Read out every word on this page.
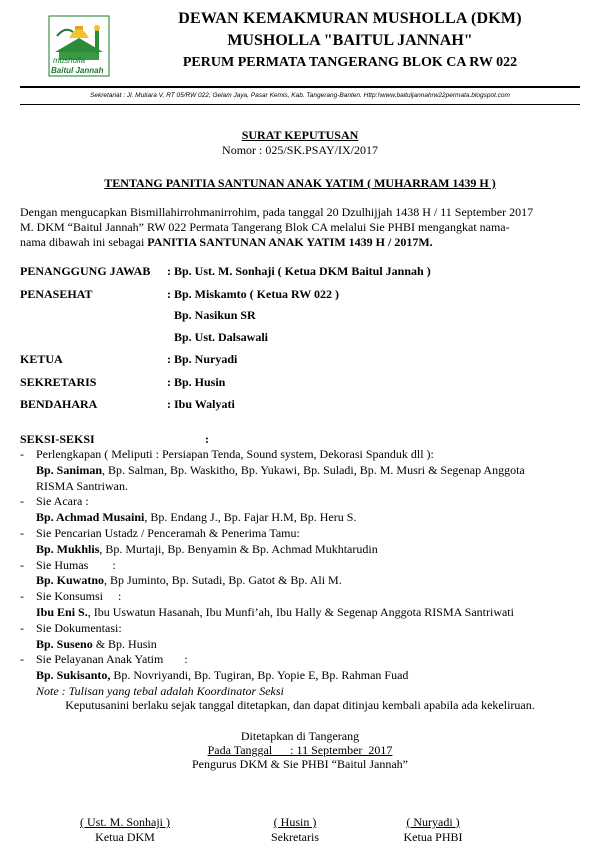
musholla
Baitul Jannah
DEWAN KEMAKMURAN MUSHOLLA (DKM)
MUSHOLLA "BAITUL JANNAH"
PERUM PERMATA TANGERANG BLOK CA RW 022
Sekretariat : Jl. Mutiara V, RT 05/RW 022, Gelam Jaya, Pasar Kemis, Kab. Tangerang-Banten. Http:\\www.baituljannahrw22permata.blogspot.com
SURAT KEPUTUSAN
Nomor : 025/SK.PSAY/IX/2017
TENTANG PANITIA SANTUNAN ANAK YATIM ( MUHARRAM 1439 H )
Dengan mengucapkan Bismillahirrohmanirrohim, pada tanggal 20 Dzulhijjah 1438 H / 11 September 2017
M. DKM “Baitul Jannah” RW 022 Permata Tangerang Blok CA melalui Sie PHBI mengangkat nama-
nama dibawah ini sebagai PANITIA SANTUNAN ANAK YATIM 1439 H / 2017M.
PENANGGUNG JAWAB	: Bp. Ust. M. Sonhaji ( Ketua DKM Baitul Jannah )
PENASEHAT	: Bp. Miskamto ( Ketua RW 022 )
Bp. Nasikun SR
Bp. Ust. Dalsawali
KETUA	: Bp. Nuryadi
SEKRETARIS	: Bp. Husin
BENDAHARA	: Ibu Walyati
SEKSI-SEKSI	:
- Perlengkapan ( Meliputi : Persiapan Tenda, Sound system, Dekorasi Spanduk dll ):
Bp. Saniman, Bp. Salman, Bp. Waskitho, Bp. Yukawi, Bp. Suladi, Bp. M. Musri & Segenap Anggota
RISMA Santriwan.
- Sie Acara :
Bp. Achmad Musaini, Bp. Endang J., Bp. Fajar H.M, Bp. Heru S.
- Sie Pencarian Ustadz / Penceramah & Penerima Tamu:
Bp. Mukhlis, Bp. Murtaji, Bp. Benyamin & Bp. Achmad Mukhtarudin
- Sie Humas        :
Bp. Kuwatno, Bp Juminto, Bp. Sutadi, Bp. Gatot & Bp. Ali M.
- Sie Konsumsi     :
Ibu Eni S., Ibu Uswatun Hasanah, Ibu Munfi’ah, Ibu Hally & Segenap Anggota RISMA Santriwati
- Sie Dokumentasi:
Bp. Suseno & Bp. Husin
- Sie Pelayanan Anak Yatim       :
Bp. Sukisanto, Bp. Novriyandi, Bp. Tugiran, Bp. Yopie E, Bp. Rahman Fuad
Note : Tulisan yang tebal adalah Koordinator Seksi
Keputusanini berlaku sejak tanggal ditetapkan, dan dapat ditinjau kembali apabila ada kekeliruan.
Ditetapkan di Tangerang
Pada Tanggal      : 11 September  2017
Pengurus DKM & Sie PHBI “Baitul Jannah”
( Ust. M. Sonhaji )
Ketua DKM
( Husin )
Sekretaris
( Nuryadi )
Ketua PHBI
